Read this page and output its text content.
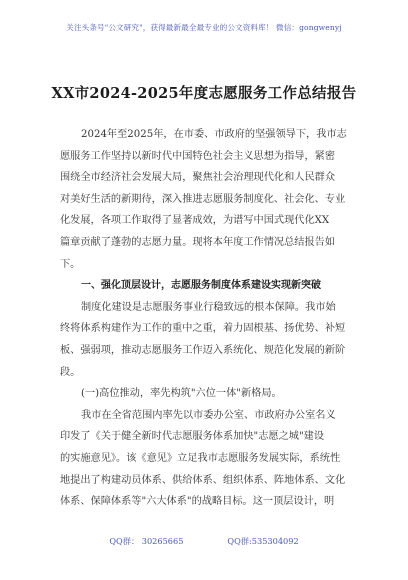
关注头条号"公文研究"，获得最新最全最专业的公文资料库！ 微信：gongwenyj
XX市2024-2025年度志愿服务工作总结报告
2024年至2025年，在市委、市政府的坚强领导下，我市志
愿服务工作坚持以新时代中国特色社会主义思想为指导，紧密
围绕全市经济社会发展大局，聚焦社会治理现代化和人民群众
对美好生活的新期待，深入推进志愿服务制度化、社会化、专业
化发展，各项工作取得了显著成效，为谱写中国式现代化XX
篇章贡献了蓬勃的志愿力量。现将本年度工作情况总结报告如
下。
一、强化顶层设计，志愿服务制度体系建设实现新突破
制度化建设是志愿服务事业行稳致远的根本保障。我市始
终将体系构建作为工作的重中之重，着力固根基、扬优势、补短
板、强弱项，推动志愿服务工作迈入系统化、规范化发展的新阶
段。
(一)高位推动，率先构筑"六位一体"新格局。
我市在全省范围内率先以市委办公室、市政府办公室名义
印发了《关于健全新时代志愿服务体系加快"志愿之城"建设
的实施意见》。该《意见》立足我市志愿服务发展实际，系统性
地提出了构建动员体系、供给体系、组织体系、阵地体系、文化
体系、保障体系等"六大体系"的战略目标。这一顶层设计，明
QQ群： 30265665	QQ群:535304092
